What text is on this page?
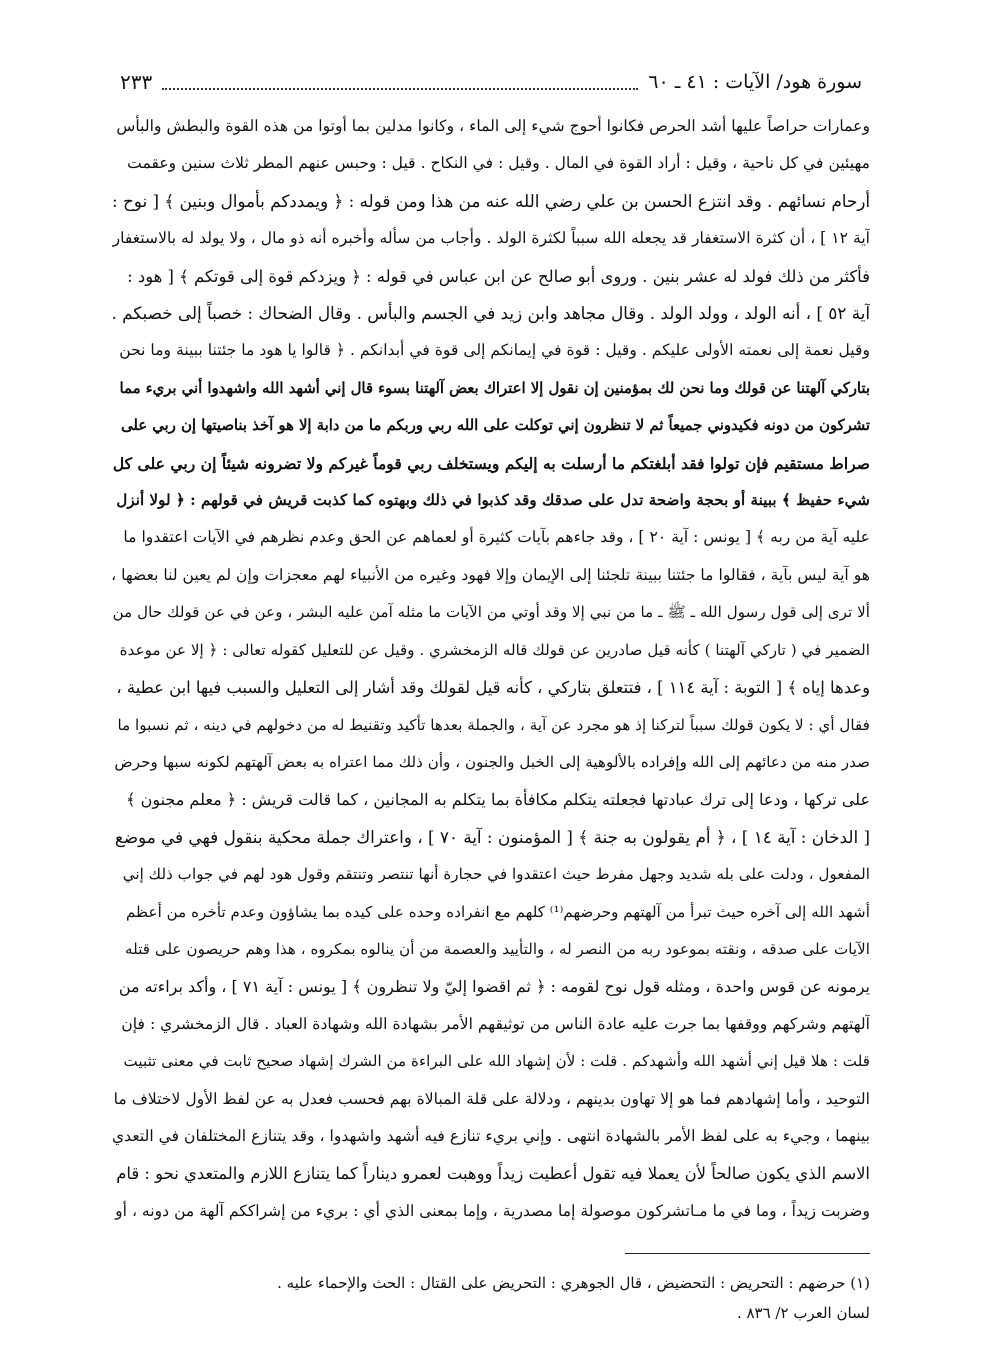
سورة هود/ الآيات : ٤١ ـ ٦٠
٢٣٣
وعمارات حراصاً عليها أشد الحرص فكانوا أحوج شيء إلى الماء ، وكانوا مدلين بما أوتوا من هذه القوة والبطش والبأس
مهيئين في كل ناحية ، وقيل : أراد القوة في المال . وقيل : في النكاح . قيل : وحبس عنهم المطر ثلاث سنين وعقمت
أرحام نسائهم . وقد انتزع الحسن بن علي رضي الله عنه من هذا ومن قوله : ﴿ ويمددكم بأموال وبنين ﴾ [ نوح :
آية ١٢ ] ، أن كثرة الاستغفار قد يجعله الله سبباً لكثرة الولد . وأجاب من سأله وأخبره أنه ذو مال ، ولا يولد له بالاستغفار
فأكثر من ذلك فولد له عشر بنين . وروى أبو صالح عن ابن عباس في قوله : ﴿ ويزدكم قوة إلى قوتكم ﴾ [ هود :
آية ٥٢ ] ، أنه الولد ، وولد الولد . وقال مجاهد وابن زيد في الجسم والبأس . وقال الضحاك : خصباً إلى خصبكم .
وقيل نعمة إلى نعمته الأولى عليكم . وقيل : قوة في إيمانكم إلى قوة في أبدانكم . ﴿ قالوا يا هود ما جئتنا ببينة وما نحن
بتاركي آلهتنا عن قولك وما نحن لك بمؤمنين إن نقول إلا اعتراك بعض آلهتنا بسوء قال إني أشهد الله واشهدوا أني بريء مما
تشركون من دونه فكيدوني جميعاً ثم لا تنظرون إني توكلت على الله ربي وربكم ما من دابة إلا هو آخذ بناصيتها إن ربي على
صراط مستقيم فإن تولوا فقد أبلغتكم ما أرسلت به إليكم ويستخلف ربي قوماً غيركم ولا تضرونه شيئاً إن ربي على كل
شيء حفيظ ﴾ ببينة أو بحجة واضحة تدل على صدقك وقد كذبوا في ذلك وبهتوه كما كذبت قريش في قولهم : ﴿ لولا أنزل
عليه آية من ربه ﴾ [ يونس : آية ٢٠ ] ، وقد جاءهم بآيات كثيرة أو لعماهم عن الحق وعدم نظرهم في الآيات اعتقدوا ما
هو آية ليس بآية ، فقالوا ما جئتنا ببينة تلجئنا إلى الإيمان وإلا فهود وغيره من الأنبياء لهم معجزات وإن لم يعين لنا بعضها ،
ألا ترى إلى قول رسول الله ـ ﷺ ـ ما من نبي إلا وقد أوتي من الآيات ما مثله آمن عليه البشر ، وعن في عن قولك حال من
الضمير في ( تاركي آلهتنا ) كأنه قيل صادرين عن قولك قاله الزمخشري . وقيل عن للتعليل كقوله تعالى : ﴿ إلا عن موعدة
وعدها إياه ﴾ [ التوبة : آية ١١٤ ] ، فتتعلق بتاركي ، كأنه قيل لقولك وقد أشار إلى التعليل والسبب فيها ابن عطية ،
فقال أي : لا يكون قولك سبباً لتركنا إذ هو مجرد عن آية ، والجملة بعدها تأكيد وتقنيط له من دخولهم في دينه ، ثم نسبوا ما
صدر منه من دعائهم إلى الله وإفراده بالألوهية إلى الخبل والجنون ، وأن ذلك مما اعتراه به بعض آلهتهم لكونه سبها وحرض
على تركها ، ودعا إلى ترك عبادتها فجعلته يتكلم مكافأة بما يتكلم به المجانين ، كما قالت قريش : ﴿ معلم مجنون ﴾
[ الدخان : آية ١٤ ] ، ﴿ أم يقولون به جنة ﴾ [ المؤمنون : آية ٧٠ ] ، واعتراك جملة محكية بنقول فهي في موضع
المفعول ، ودلت على بله شديد وجهل مفرط حيث اعتقدوا في حجارة أنها تنتصر وتنتقم وقول هود لهم في جواب ذلك إني
أشهد الله إلى آخره حيث تبرأ من آلهتهم وحرضهم⁽¹⁾ كلهم مع انفراده وحده على كيده بما يشاؤون وعدم تأخره من أعظم
الآيات على صدقه ، ونقته بموعود ربه من النصر له ، والتأييد والعصمة من أن ينالوه بمكروه ، هذا وهم حريصون على قتله
يرمونه عن قوس واحدة ، ومثله قول نوح لقومه : ﴿ ثم اقضوا إليّ ولا تنظرون ﴾ [ يونس : آية ٧١ ] ، وأكد براءته من
آلهتهم وشركهم ووقفها بما جرت عليه عادة الناس من توثيقهم الأمر بشهادة الله وشهادة العباد . قال الزمخشري : فإن
قلت : هلا قيل إني أشهد الله وأشهدكم . قلت : لأن إشهاد الله على البراءة من الشرك إشهاد صحيح ثابت في معنى تثبيت
التوحيد ، وأما إشهادهم فما هو إلا تهاون بدينهم ، ودلالة على قلة المبالاة بهم فحسب فعدل به عن لفظ الأول لاختلاف ما
بينهما ، وجيء به على لفظ الأمر بالشهادة انتهى . وإني بريء تنازع فيه أشهد واشهدوا ، وقد يتنازع المختلفان في التعدي
الاسم الذي يكون صالحاً لأن يعملا فيه تقول أعطيت زيداً ووهبت لعمرو ديناراً كما يتنازع اللازم والمتعدي نحو : قام
وضربت زيداً ، وما في ما مـاتشركون موصولة إما مصدرية ، وإما بمعنى الذي أي : بريء من إشراككم آلهة من دونه ، أو
(١) حرضهم : التحريض : التحضيض ، قال الجوهري : التحريض على القتال : الحث والإحماء عليه .
لسان العرب ٢/ ٨٣٦ .
